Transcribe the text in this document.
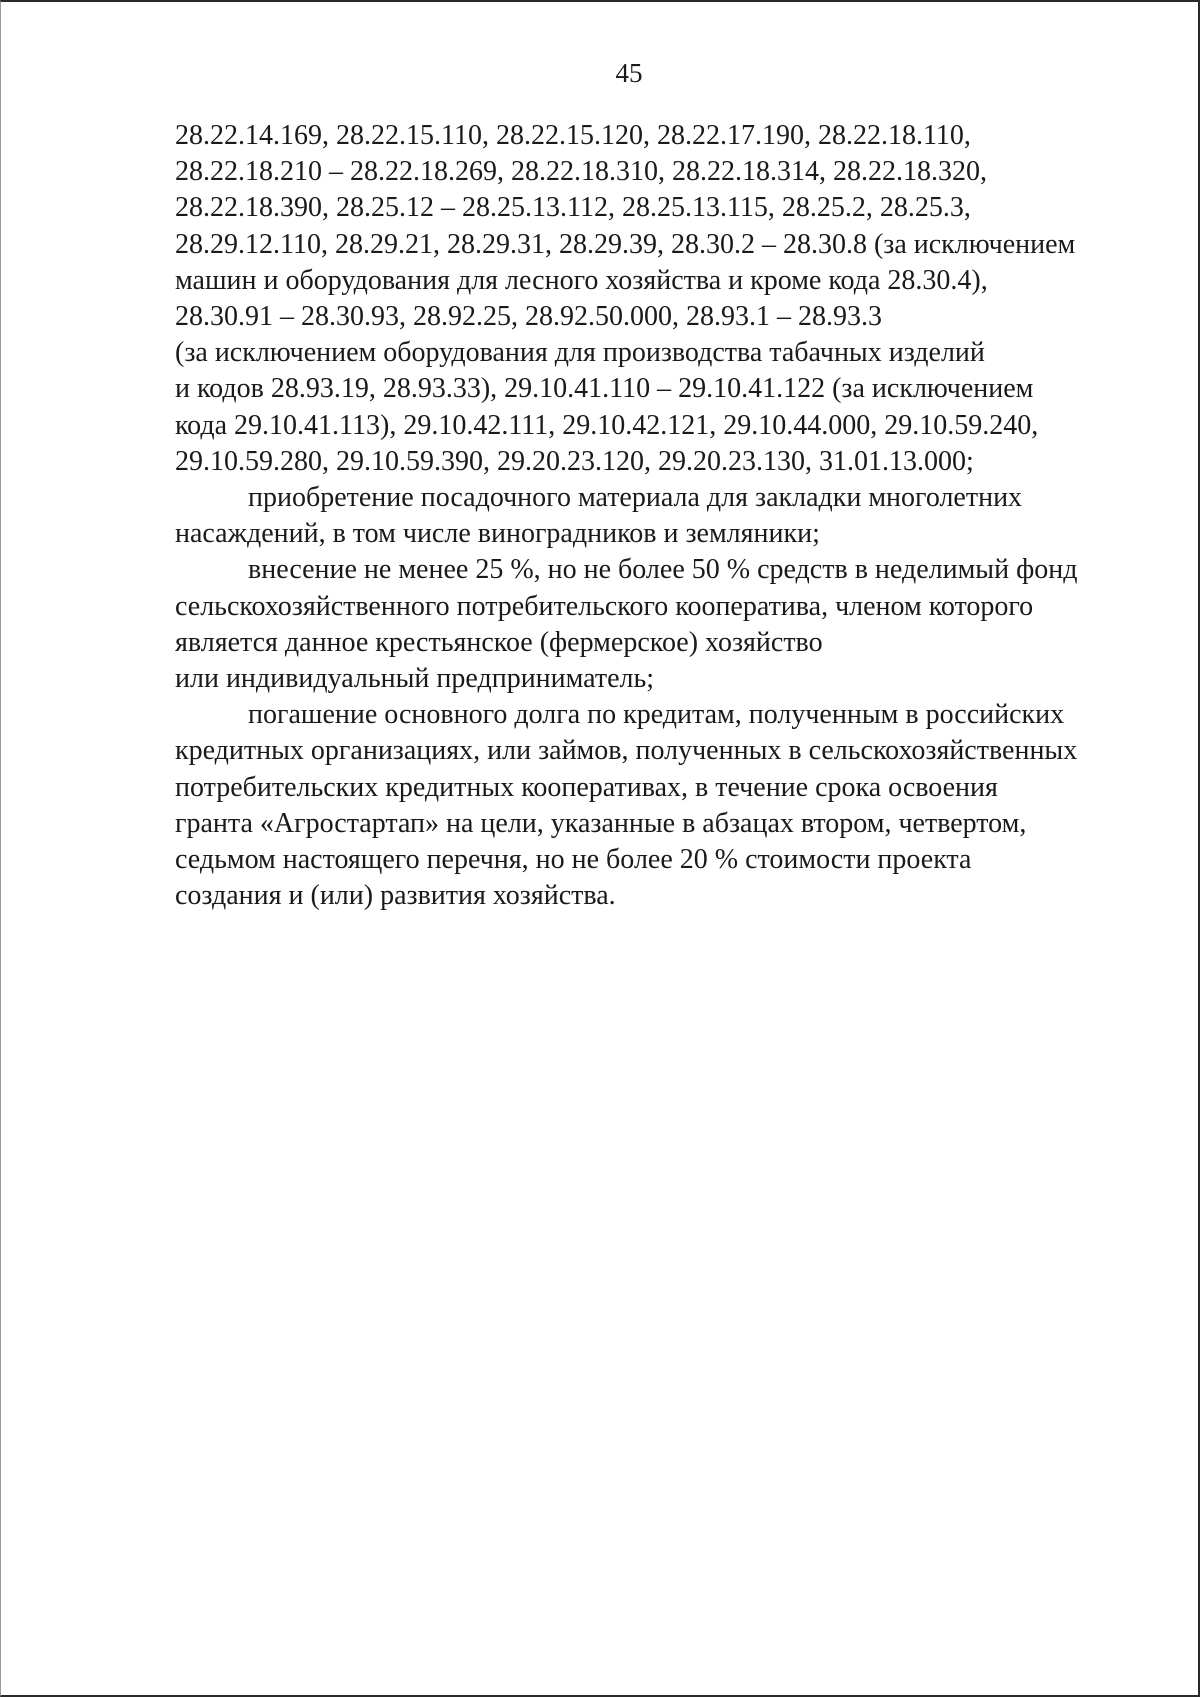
45
28.22.14.169, 28.22.15.110, 28.22.15.120, 28.22.17.190, 28.22.18.110,
28.22.18.210 – 28.22.18.269, 28.22.18.310, 28.22.18.314, 28.22.18.320,
28.22.18.390, 28.25.12 – 28.25.13.112, 28.25.13.115, 28.25.2, 28.25.3,
28.29.12.110, 28.29.21, 28.29.31, 28.29.39, 28.30.2 – 28.30.8 (за исключением
машин и оборудования для лесного хозяйства и кроме кода 28.30.4),
28.30.91 – 28.30.93, 28.92.25, 28.92.50.000, 28.93.1 – 28.93.3
(за исключением оборудования для производства табачных изделий
и кодов 28.93.19, 28.93.33), 29.10.41.110 – 29.10.41.122 (за исключением
кода 29.10.41.113), 29.10.42.111, 29.10.42.121, 29.10.44.000, 29.10.59.240,
29.10.59.280, 29.10.59.390, 29.20.23.120, 29.20.23.130, 31.01.13.000;
приобретение посадочного материала для закладки многолетних
насаждений, в том числе виноградников и земляники;
внесение не менее 25 %, но не более 50 % средств в неделимый фонд
сельскохозяйственного потребительского кооператива, членом которого
является данное крестьянское (фермерское) хозяйство
или индивидуальный предприниматель;
погашение основного долга по кредитам, полученным в российских
кредитных организациях, или займов, полученных в сельскохозяйственных
потребительских кредитных кооперативах, в течение срока освоения
гранта «Агростартап» на цели, указанные в абзацах втором, четвертом,
седьмом настоящего перечня, но не более 20 % стоимости проекта
создания и (или) развития хозяйства.
